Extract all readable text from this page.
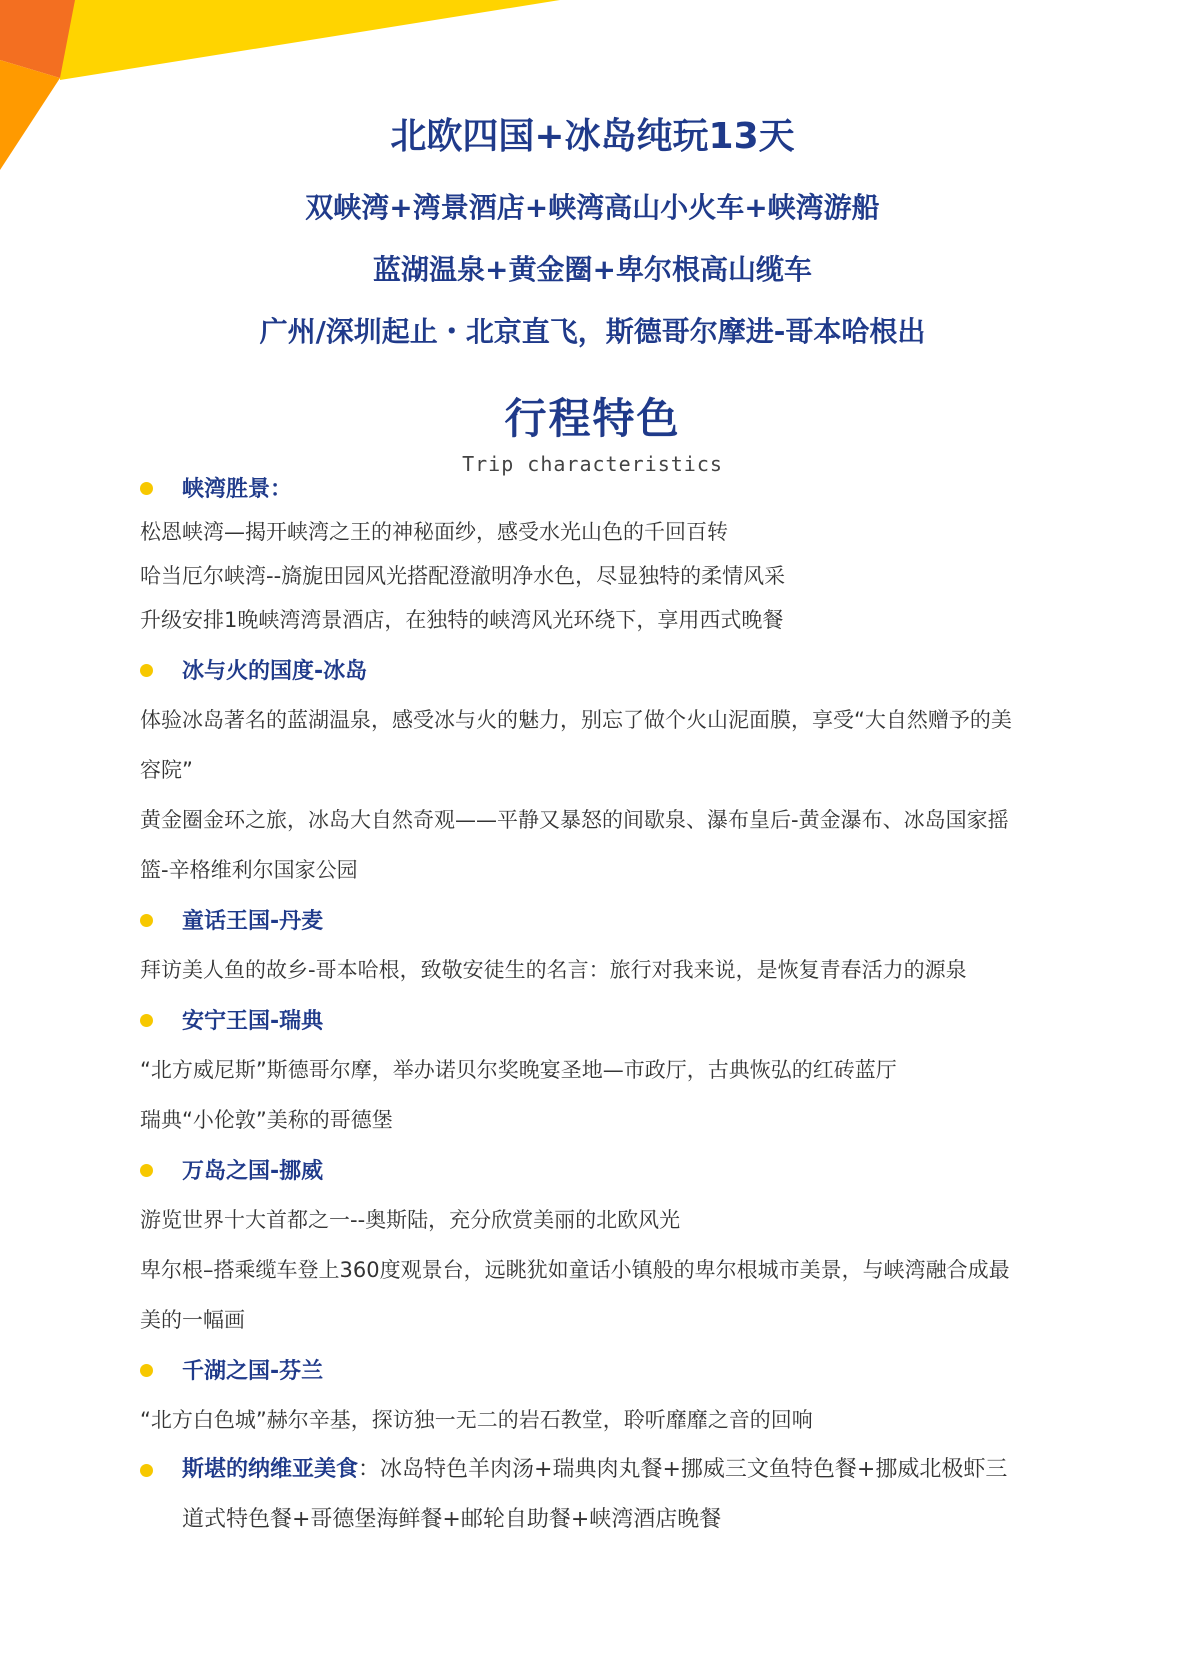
北欧四国+冰岛纯玩13天
双峡湾+湾景酒店+峡湾高山小火车+峡湾游船
蓝湖温泉+黄金圈+卑尔根高山缆车
广州/深圳起止・北京直飞，斯德哥尔摩进-哥本哈根出
行程特色
Trip characteristics
峡湾胜景：
松恩峡湾—揭开峡湾之王的神秘面纱，感受水光山色的千回百转
哈当厄尔峡湾--旖旎田园风光搭配澄澈明净水色，尽显独特的柔情风采
升级安排1晚峡湾湾景酒店，在独特的峡湾风光环绕下，享用西式晚餐
冰与火的国度-冰岛
体验冰岛著名的蓝湖温泉，感受冰与火的魅力，别忘了做个火山泥面膜，享受“大自然赠予的美
容院”
黄金圈金环之旅，冰岛大自然奇观——平静又暴怒的间歇泉、瀑布皇后-黄金瀑布、冰岛国家摇
篮-辛格维利尔国家公园
童话王国-丹麦
拜访美人鱼的故乡-哥本哈根，致敬安徒生的名言：旅行对我来说，是恢复青春活力的源泉
安宁王国-瑞典
“北方威尼斯”斯德哥尔摩，举办诺贝尔奖晚宴圣地—市政厅，古典恢弘的红砖蓝厅
瑞典“小伦敦”美称的哥德堡
万岛之国-挪威
游览世界十大首都之一--奥斯陆，充分欣赏美丽的北欧风光
卑尔根–搭乘缆车登上360度观景台，远眺犹如童话小镇般的卑尔根城市美景，与峡湾融合成最
美的一幅画
千湖之国-芬兰
“北方白色城”赫尔辛基，探访独一无二的岩石教堂，聆听靡靡之音的回响
斯堪的纳维亚美食：冰岛特色羊肉汤+瑞典肉丸餐+挪威三文鱼特色餐+挪威北极虾三
道式特色餐+哥德堡海鲜餐+邮轮自助餐+峡湾酒店晚餐
